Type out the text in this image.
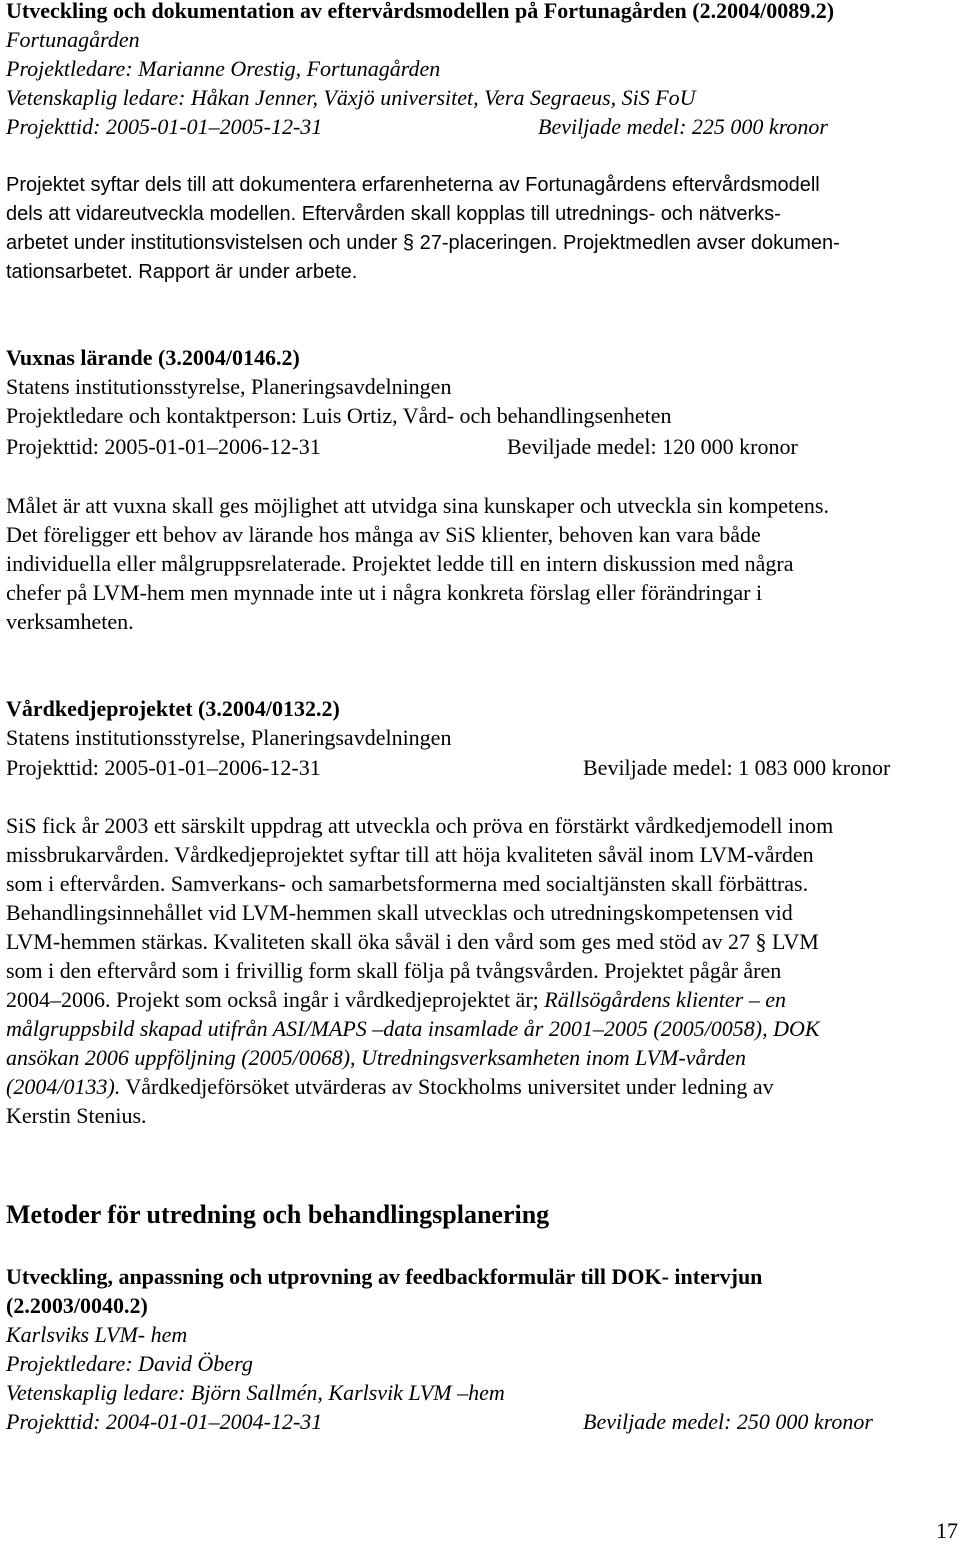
Utveckling och dokumentation av eftervårdsmodellen på Fortunagården (2.2004/0089.2)
Fortunagården
Projektledare: Marianne Orestig, Fortunagården
Vetenskaplig ledare: Håkan Jenner, Växjö universitet, Vera Segraeus, SiS FoU
Projekttid: 2005-01-01–2005-12-31	Beviljade medel: 225 000 kronor
Projektet syftar dels till att dokumentera erfarenheterna av Fortunagårdens eftervårdsmodell
dels att vidareutveckla modellen. Eftervården skall kopplas till utrednings- och nätverks-
arbetet under institutionsvistelsen och under § 27-placeringen. Projektmedlen avser dokumen-
tationsarbetet. Rapport är under arbete.
Vuxnas lärande (3.2004/0146.2)
Statens institutionsstyrelse, Planeringsavdelningen
Projektledare och kontaktperson: Luis Ortiz, Vård- och behandlingsenheten
Projekttid: 2005-01-01–2006-12-31	Beviljade medel: 120 000 kronor
Målet är att vuxna skall ges möjlighet att utvidga sina kunskaper och utveckla sin kompetens.
Det föreligger ett behov av lärande hos många av SiS klienter, behoven kan vara både
individuella eller målgruppsrelaterade. Projektet ledde till en intern diskussion med några
chefer på LVM-hem men mynnade inte ut i några konkreta förslag eller förändringar i
verksamheten.
Vårdkedjeprojektet (3.2004/0132.2)
Statens institutionsstyrelse, Planeringsavdelningen
Projekttid: 2005-01-01–2006-12-31	Beviljade medel: 1 083 000 kronor
SiS fick år 2003 ett särskilt uppdrag att utveckla och pröva en förstärkt vårdkedjemodell inom
missbrukarvården. Vårdkedjeprojektet syftar till att höja kvaliteten såväl inom LVM-vården
som i eftervården. Samverkans- och samarbetsformerna med socialtjänsten skall förbättras.
Behandlingsinnehållet vid LVM-hemmen skall utvecklas och utredningskompetensen vid
LVM-hemmen stärkas. Kvaliteten skall öka såväl i den vård som ges med stöd av 27 § LVM
som i den eftervård som i frivillig form skall följa på tvångsvården. Projektet pågår åren
2004–2006. Projekt som också ingår i vårdkedjeprojektet är; Rällsögårdens klienter – en
målgruppsbild skapad utifrån ASI/MAPS –data insamlade år 2001–2005 (2005/0058), DOK
ansökan 2006 uppföljning (2005/0068), Utredningsverksamheten inom LVM-vården
(2004/0133). Vårdkedjeförsöket utvärderas av Stockholms universitet under ledning av
Kerstin Stenius.
Metoder för utredning och behandlingsplanering
Utveckling, anpassning och utprovning av feedbackformulär till DOK- intervjun
(2.2003/0040.2)
Karlsviks LVM- hem
Projektledare: David Öberg
Vetenskaplig ledare: Björn Sallmén, Karlsvik LVM –hem
Projekttid: 2004-01-01–2004-12-31	Beviljade medel: 250 000 kronor
17
